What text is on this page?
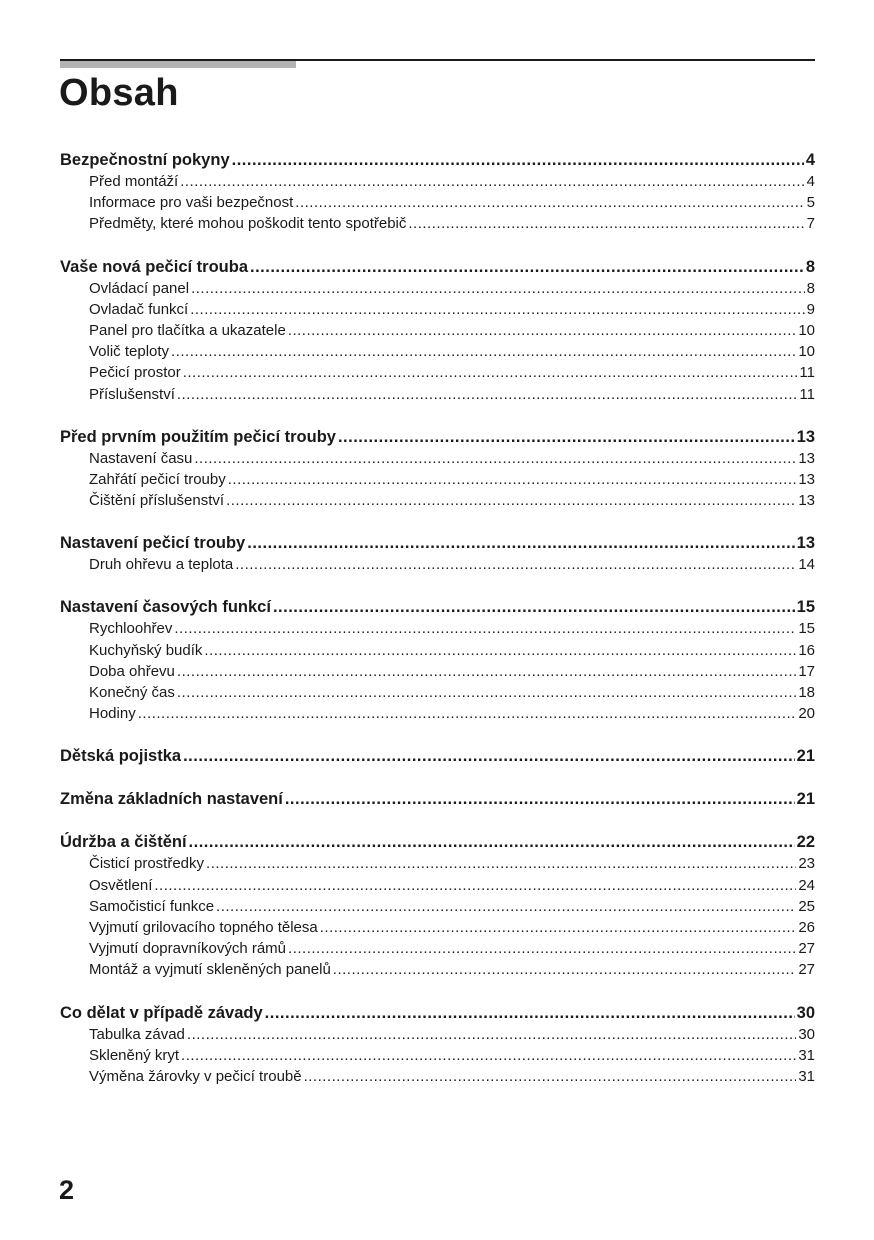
Obsah
Bezpečnostní pokyny .....	4
Před montáží .....	4
Informace pro vaši bezpečnost .....	5
Předměty, které mohou poškodit tento spotřebič .....	7
Vaše nová pečicí trouba .....	8
Ovládací panel .....	8
Ovladač funkcí .....	9
Panel pro tlačítka a ukazatele .....	10
Volič teploty .....	10
Pečicí prostor .....	11
Příslušenství .....	11
Před prvním použitím pečicí trouby .....	13
Nastavení času .....	13
Zahřátí pečicí trouby .....	13
Čištění příslušenství .....	13
Nastavení pečicí trouby .....	13
Druh ohřevu a teplota .....	14
Nastavení časových funkcí .....	15
Rychloohřev .....	15
Kuchyňský budík .....	16
Doba ohřevu .....	17
Konečný čas .....	18
Hodiny .....	20
Dětská pojistka .....	21
Změna základních nastavení .....	21
Údržba a čištění .....	22
Čisticí prostředky .....	23
Osvětlení .....	24
Samočisticí funkce .....	25
Vyjmutí grilovacího topného tělesa .....	26
Vyjmutí dopravníkových rámů .....	27
Montáž a vyjmutí skleněných panelů .....	27
Co dělat v případě závady .....	30
Tabulka závad .....	30
Skleněný kryt .....	31
Výměna žárovky v pečicí troubě .....	31
2
